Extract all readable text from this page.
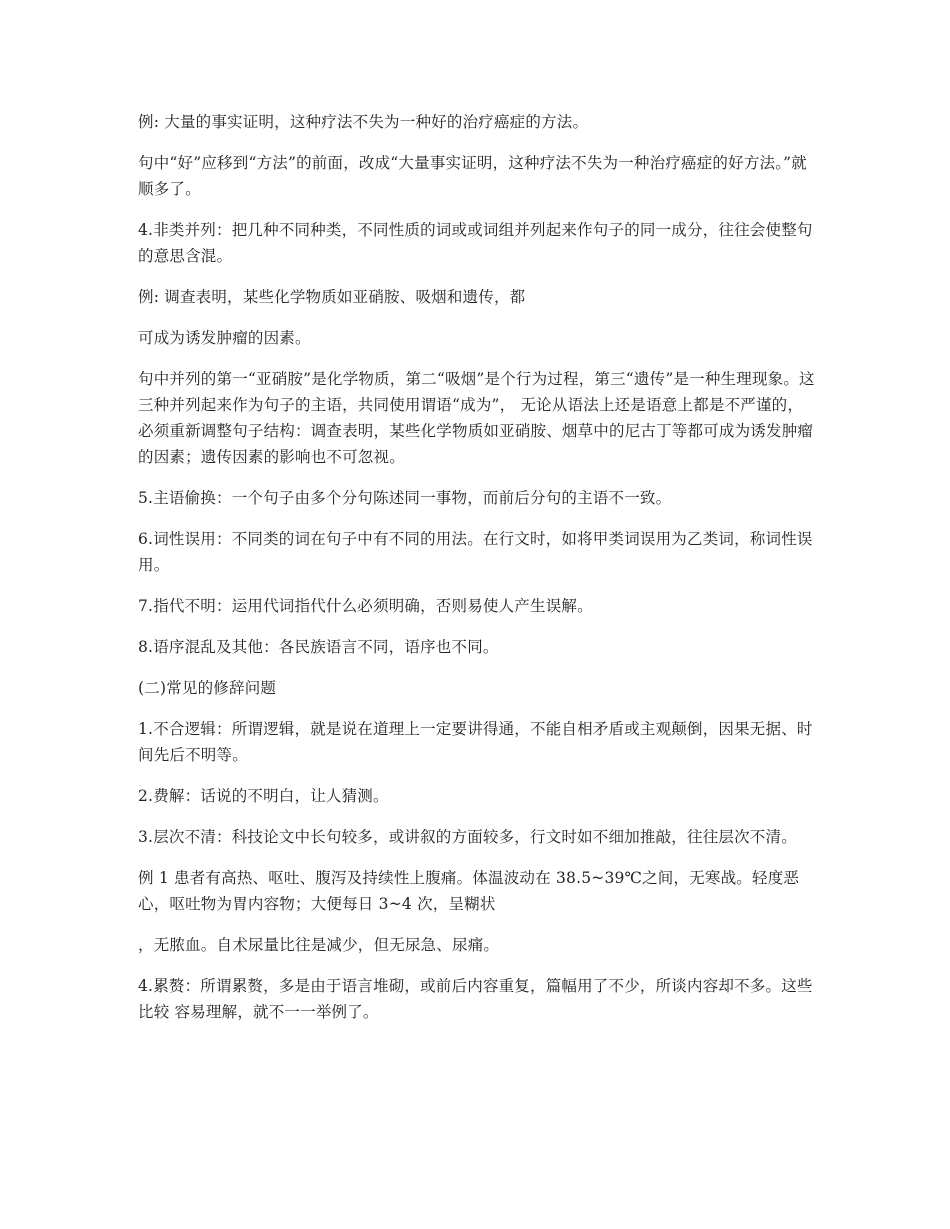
例: 大量的事实证明，这种疗法不失为一种好的治疗癌症的方法。

句中“好”应移到“方法”的前面，改成“大量事实证明，这种疗法不失为一种治疗癌症的好方法。”就顺多了。

4.非类并列：把几种不同种类，不同性质的词或或词组并列起来作句子的同一成分，往往会使整句的意思含混。

例: 调查表明，某些化学物质如亚硝胺、吸烟和遗传，都

可成为诱发肿瘤的因素。

句中并列的第一“亚硝胺”是化学物质，第二“吸烟”是个行为过程，第三“遗传”是一种生理现象。这三种并列起来作为句子的主语，共同使用谓语“成为”， 无论从语法上还是语意上都是不严谨的，必须重新调整句子结构：调查表明，某些化学物质如亚硝胺、烟草中的尼古丁等都可成为诱发肿瘤的因素；遗传因素的影响也不可忽视。

5.主语偷换：一个句子由多个分句陈述同一事物，而前后分句的主语不一致。

6.词性误用：不同类的词在句子中有不同的用法。在行文时，如将甲类词误用为乙类词，称词性误用。

7.指代不明：运用代词指代什么必须明确，否则易使人产生误解。

8.语序混乱及其他：各民族语言不同，语序也不同。

(二)常见的修辞问题

1.不合逻辑：所谓逻辑，就是说在道理上一定要讲得通，不能自相矛盾或主观颠倒，因果无据、时间先后不明等。

2.费解：话说的不明白，让人猜测。

3.层次不清：科技论文中长句较多，或讲叙的方面较多，行文时如不细加推敲，往往层次不清。

例 1 患者有高热、呕吐、腹泻及持续性上腹痛。体温波动在 38.5~39℃之间，无寒战。轻度恶心，呕吐物为胃内容物；大便每日 3~4 次，呈糊状

，无脓血。自术尿量比往是减少，但无尿急、尿痛。

4.累赘：所谓累赘，多是由于语言堆砌，或前后内容重复，篇幅用了不少，所谈内容却不多。这些比较 容易理解，就不一一举例了。
